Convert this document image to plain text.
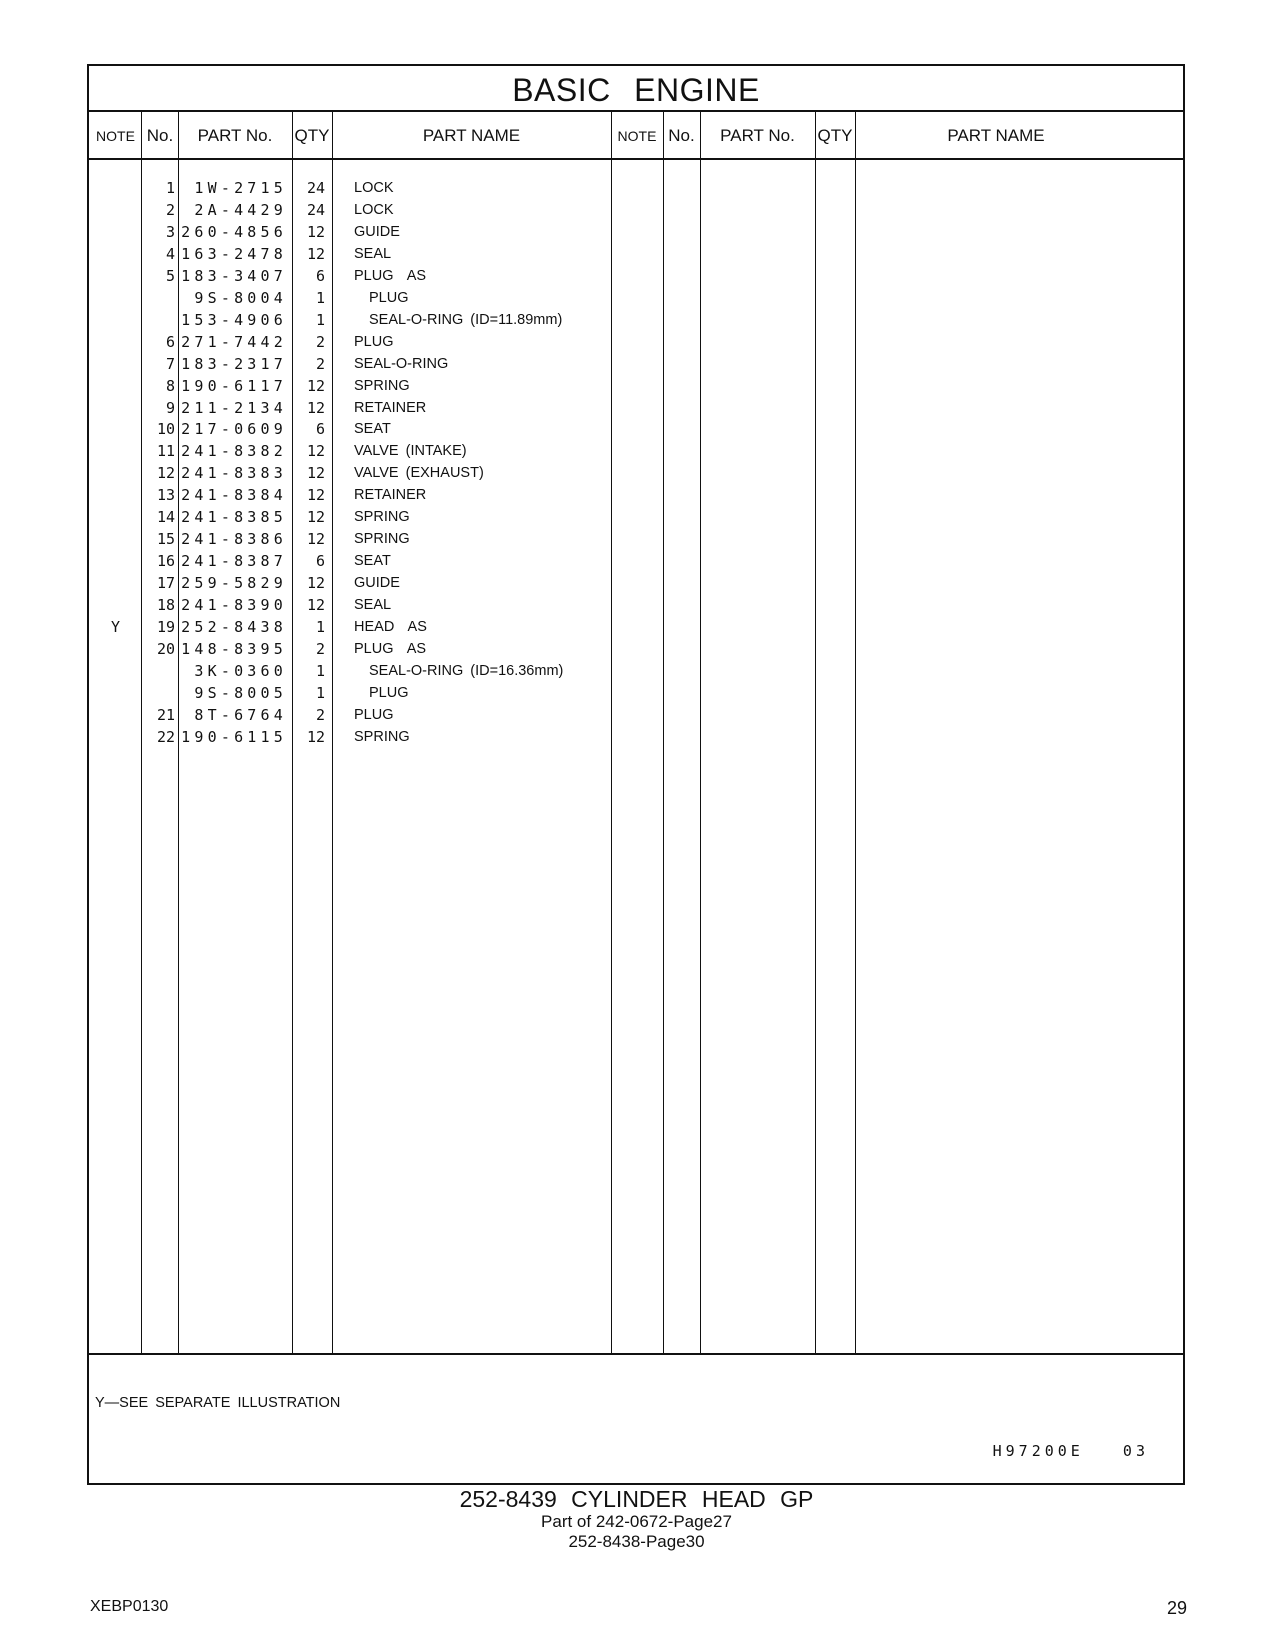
BASIC ENGINE
NOTE No.	PART No.	QTY	PART NAME	NOTE No.	PART No.	QTY	PART NAME
1	1W-2715	24 LOCK
2	2A-4429	24 LOCK
3 260-4856	12 GUIDE
4 163-2478	12 SEAL
5 183-3407	6 PLUG  AS
9S-8004	1	PLUG
153-4906	1	SEAL-O-RING (ID=11.89mm)
6 271-7442	2 PLUG
7 183-2317	2 SEAL-O-RING
8 190-6117	12 SPRING
9 211-2134	12 RETAINER
10 217-0609	6 SEAT
11 241-8382	12 VALVE (INTAKE)
12 241-8383	12 VALVE (EXHAUST)
13 241-8384	12 RETAINER
14 241-8385	12 SPRING
15 241-8386	12 SPRING
16 241-8387	6 SEAT
17 259-5829	12 GUIDE
18 241-8390	12 SEAL
Y	19 252-8438	1 HEAD  AS
20 148-8395	2 PLUG  AS
3K-0360	1	SEAL-O-RING (ID=16.36mm)
9S-8005	1	PLUG
21	8T-6764	2 PLUG
22 190-6115	12 SPRING
Y—SEE SEPARATE ILLUSTRATION
H97200E   03
252-8439 CYLINDER HEAD GP
Part of 242-0672-Page27
252-8438-Page30
XEBP0130	29
